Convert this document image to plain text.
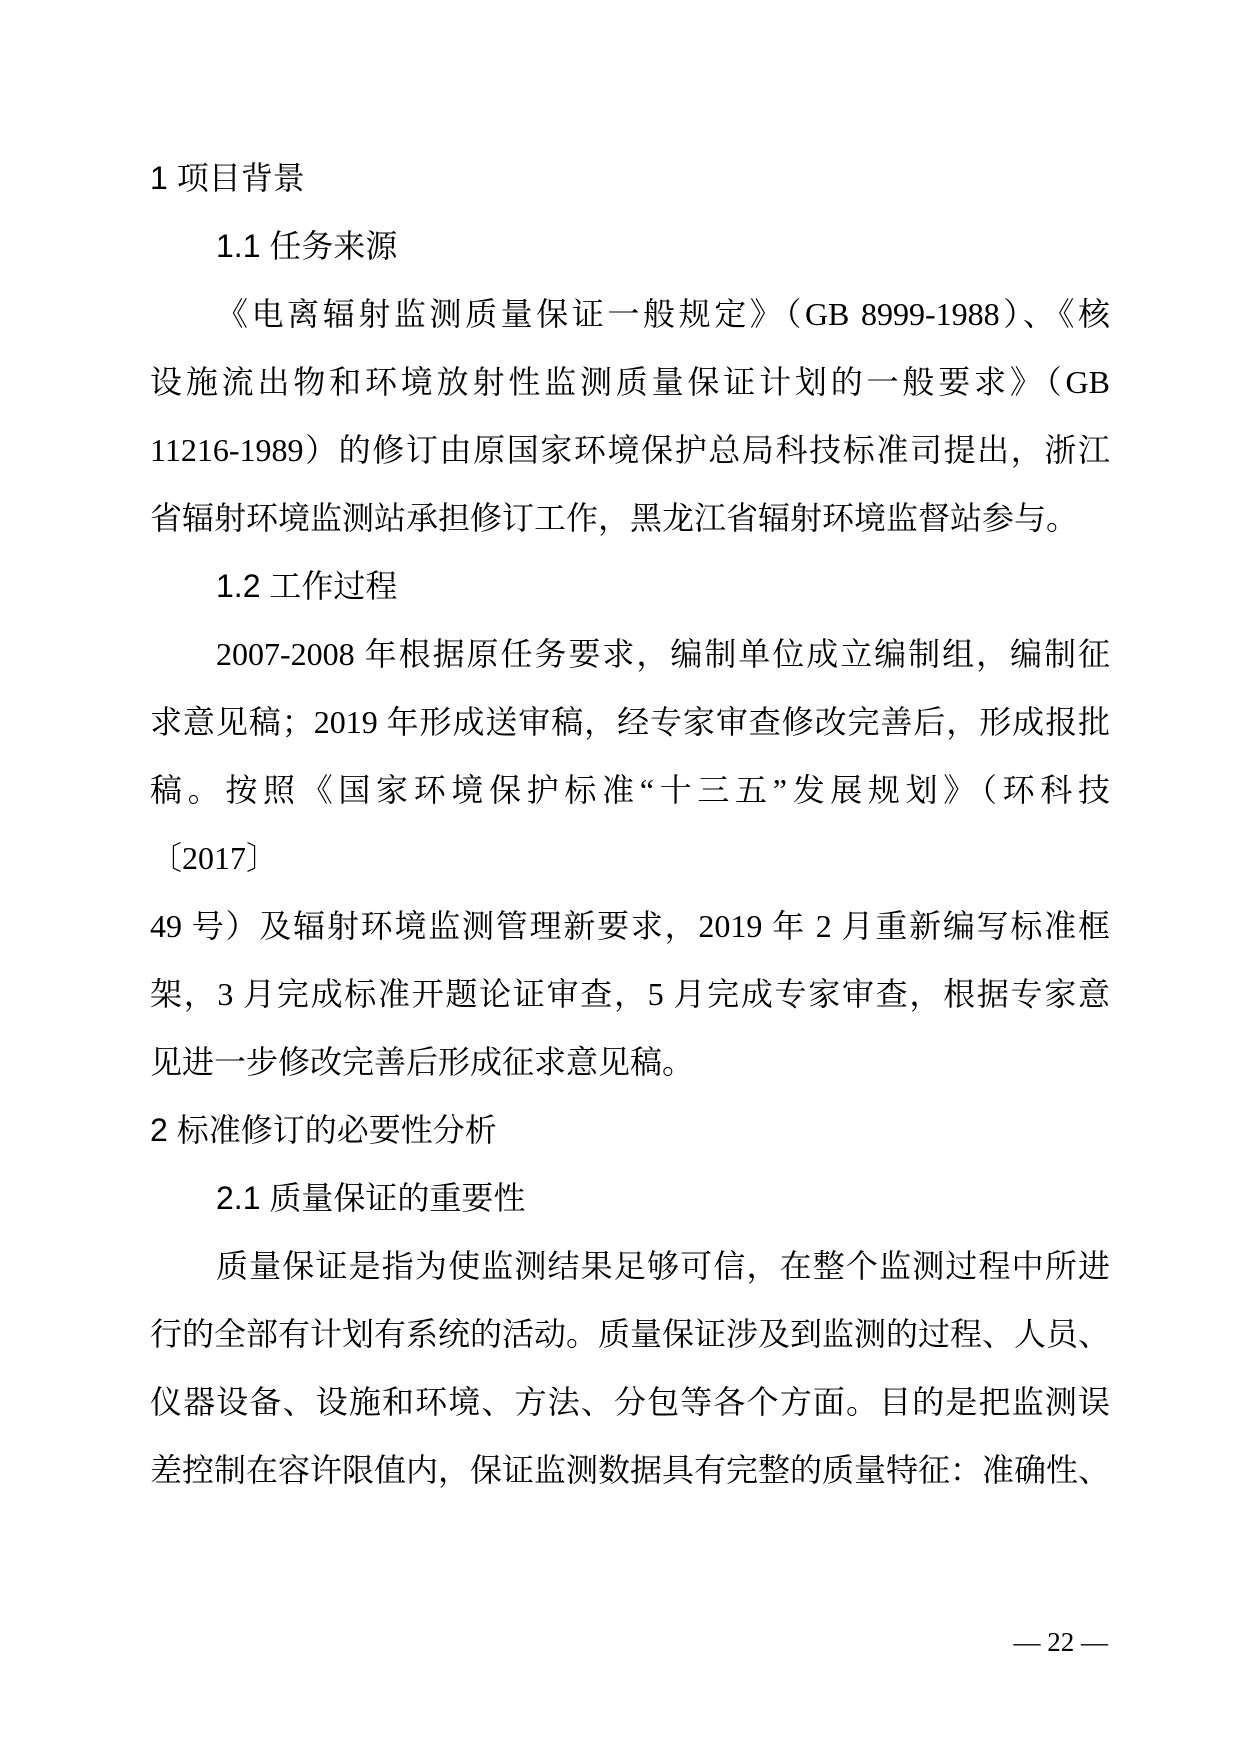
1 项目背景
1.1 任务来源
《电离辐射监测质量保证一般规定》（GB 8999-1988）、《核
设施流出物和环境放射性监测质量保证计划的一般要求》（GB
11216-1989）的修订由原国家环境保护总局科技标准司提出，浙江
省辐射环境监测站承担修订工作，黑龙江省辐射环境监督站参与。
1.2 工作过程
2007-2008 年根据原任务要求，编制单位成立编制组，编制征
求意见稿；2019 年形成送审稿，经专家审查修改完善后，形成报批
稿。按照《国家环境保护标准“十三五”发展规划》（环科技
〔2017〕
49 号）及辐射环境监测管理新要求，2019 年 2 月重新编写标准框
架，3 月完成标准开题论证审查，5 月完成专家审查，根据专家意
见进一步修改完善后形成征求意见稿。
2 标准修订的必要性分析
2.1 质量保证的重要性
质量保证是指为使监测结果足够可信，在整个监测过程中所进
行的全部有计划有系统的活动。质量保证涉及到监测的过程、人员、
仪器设备、设施和环境、方法、分包等各个方面。目的是把监测误
差控制在容许限值内，保证监测数据具有完整的质量特征：准确性、
— 22 —
